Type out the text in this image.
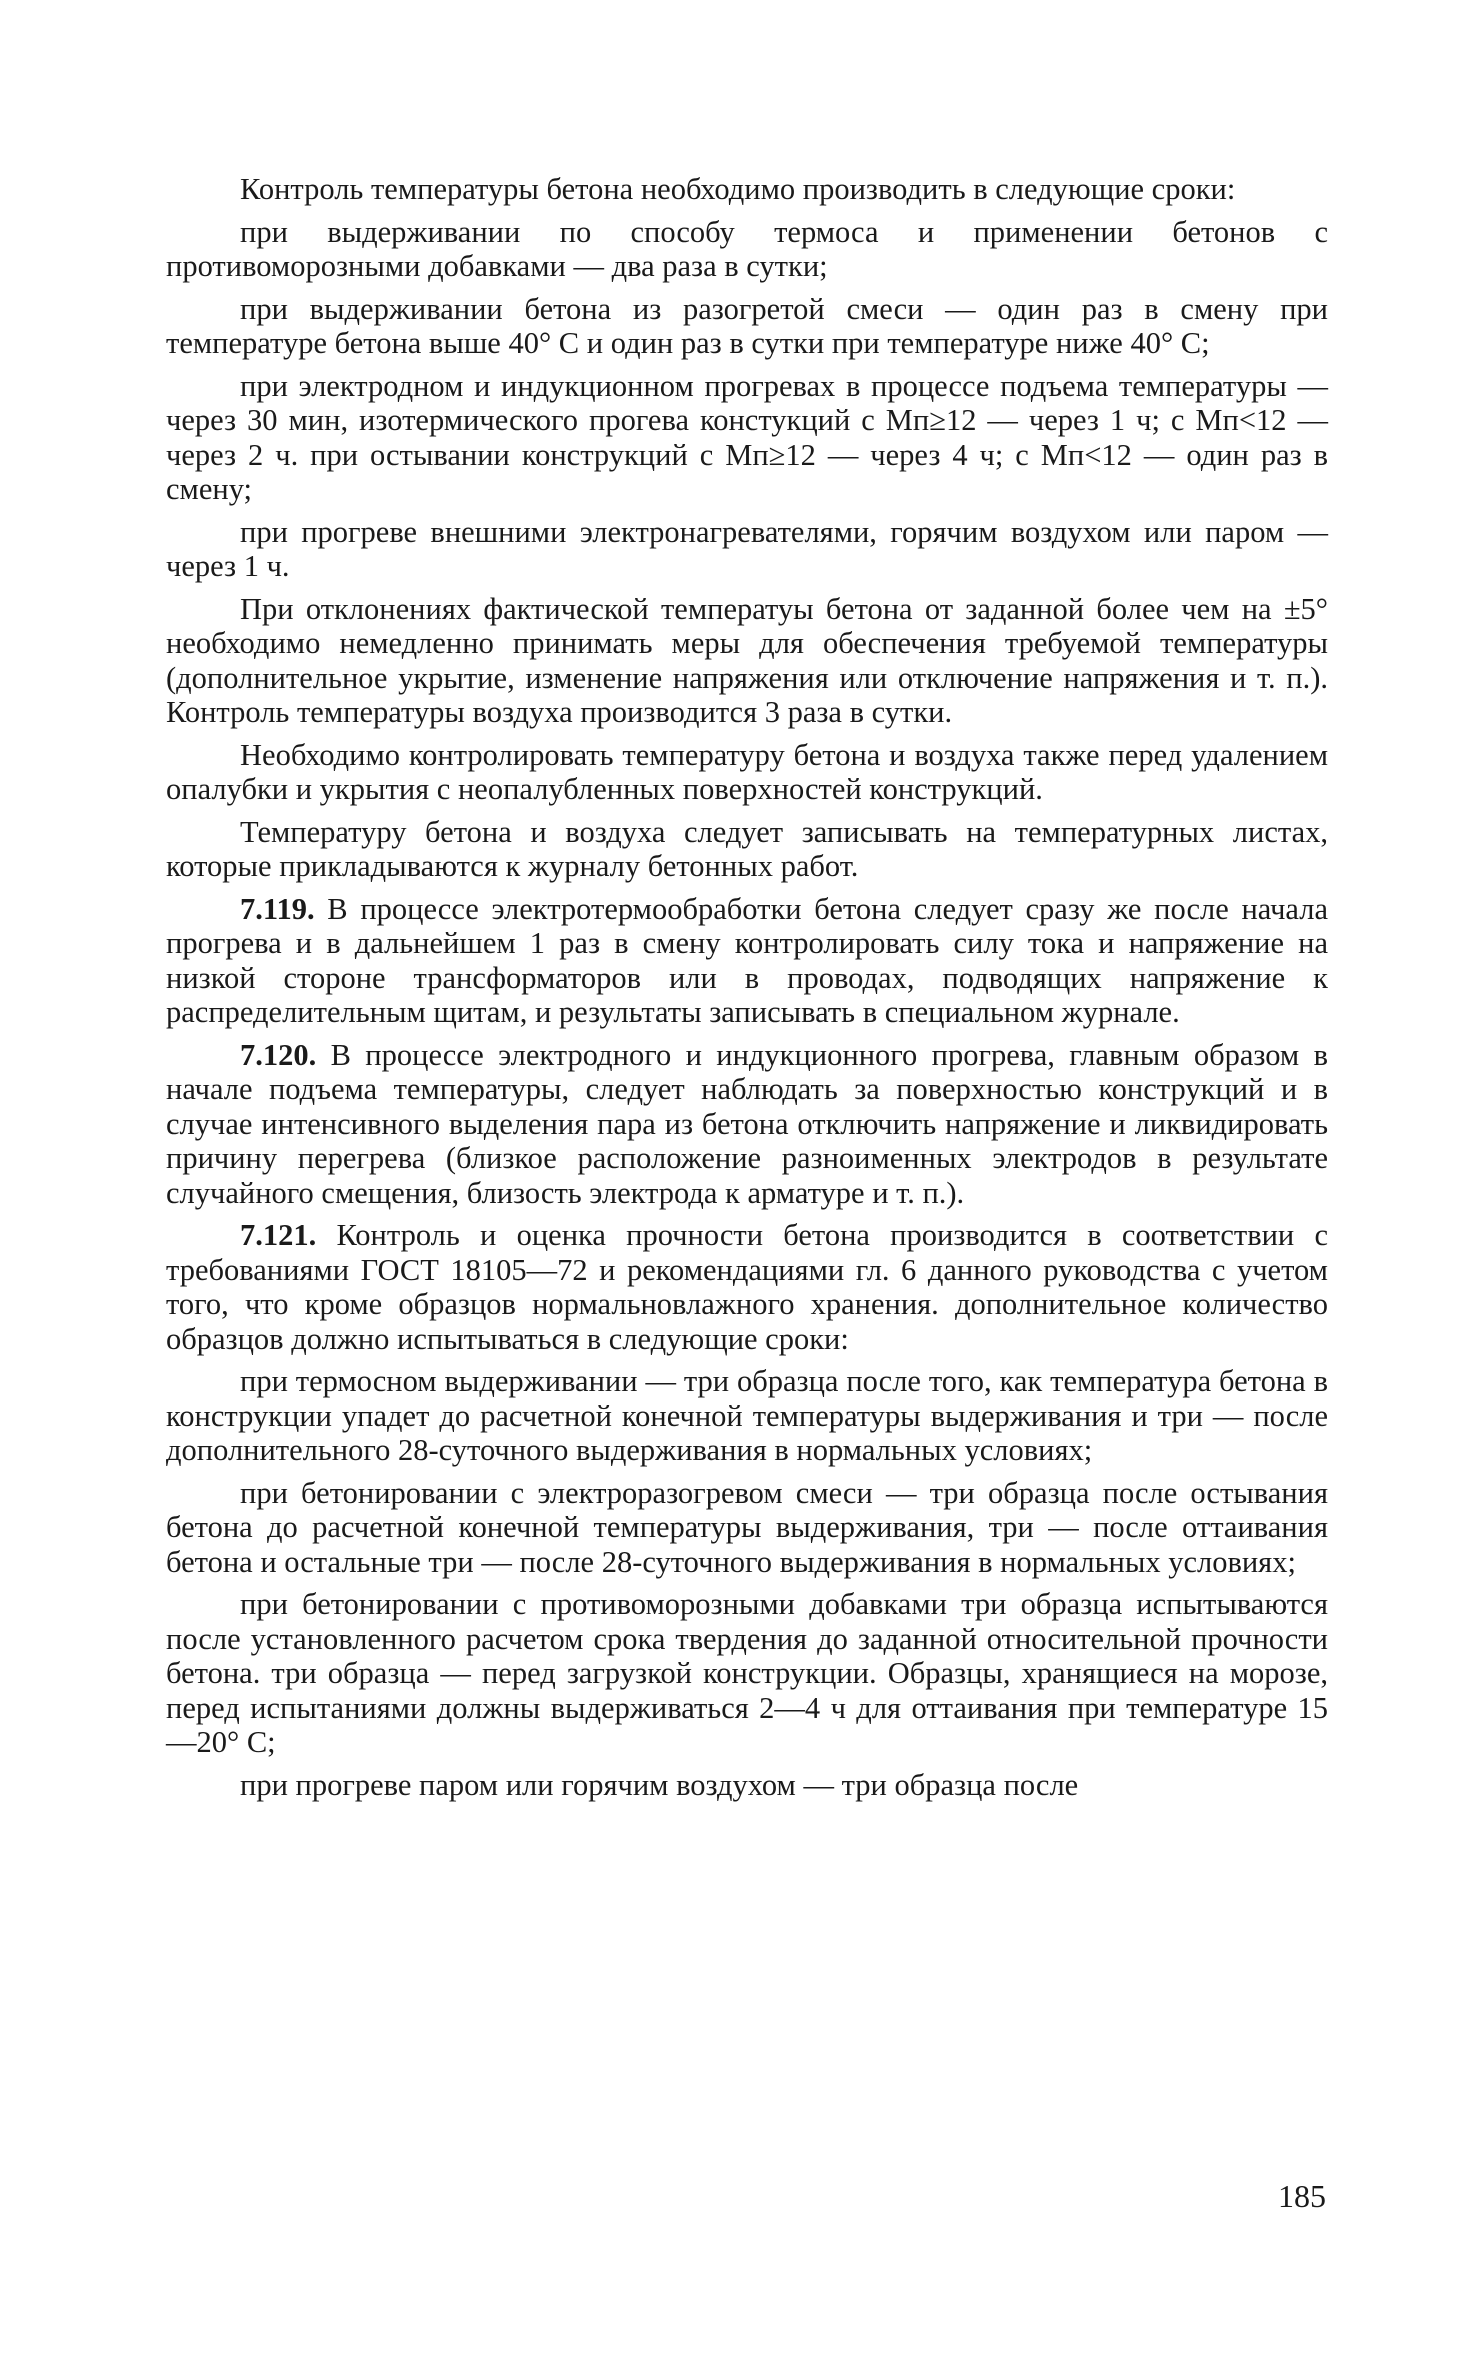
Контроль температуры бетона необходимо производить в следующие сроки:

при выдерживании по способу термоса и применении бетонов с противоморозными добавками — два раза в сутки;

при выдерживании бетона из разогретой смеси — один раз в смену при температуре бетона выше 40° С и один раз в сутки при температуре ниже 40° С;

при электродном и индукционном прогревах в процессе подъема температуры — через 30 мин, изотермического прогева констукций с Мп≥12 — через 1 ч; с Мп<12 — через 2 ч. при остывании конструкций с Мп≥12 — через 4 ч; с Мп<12 — один раз в смену;

при прогреве внешними электронагревателями, горячим воздухом или паром — через 1 ч.

При отклонениях фактической температуы бетона от заданной более чем на ±5° необходимо немедленно принимать меры для обеспечения требуемой температуры (дополнительное укрытие, изменение напряжения или отключение напряжения и т. п.). Контроль температуры воздуха производится 3 раза в сутки.

Необходимо контролировать температуру бетона и воздуха также перед удалением опалубки и укрытия с неопалубленных поверхностей конструкций.

Температуру бетона и воздуха следует записывать на температурных листах, которые прикладываются к журналу бетонных работ.

7.119. В процессе электротермообработки бетона следует сразу же после начала прогрева и в дальнейшем 1 раз в смену контролировать силу тока и напряжение на низкой стороне трансформаторов или в проводах, подводящих напряжение к распределительным щитам, и результаты записывать в специальном журнале.

7.120. В процессе электродного и индукционного прогрева, главным образом в начале подъема температуры, следует наблюдать за поверхностью конструкций и в случае интенсивного выделения пара из бетона отключить напряжение и ликвидировать причину перегрева (близкое расположение разноименных электродов в результате случайного смещения, близость электрода к арматуре и т. п.).

7.121. Контроль и оценка прочности бетона производится в соответствии с требованиями ГОСТ 18105—72 и рекомендациями гл. 6 данного руководства с учетом того, что кроме образцов нормальновлажного хранения. дополнительное количество образцов должно испытываться в следующие сроки:

при термосном выдерживании — три образца после того, как температура бетона в конструкции упадет до расчетной конечной температуры выдерживания и три — после дополнительного 28-суточного выдерживания в нормальных условиях;

при бетонировании с электроразогревом смеси — три образца после остывания бетона до расчетной конечной температуры выдерживания, три — после оттаивания бетона и остальные три — после 28-суточного выдерживания в нормальных условиях;

при бетонировании с противоморозными добавками три образца испытываются после установленного расчетом срока твердения до заданной относительной прочности бетона. три образца — перед загрузкой конструкции. Образцы, хранящиеся на морозе, перед испытаниями должны выдерживаться 2—4 ч для оттаивания при температуре 15—20° С;

при прогреве паром или горячим воздухом — три образца после

185
